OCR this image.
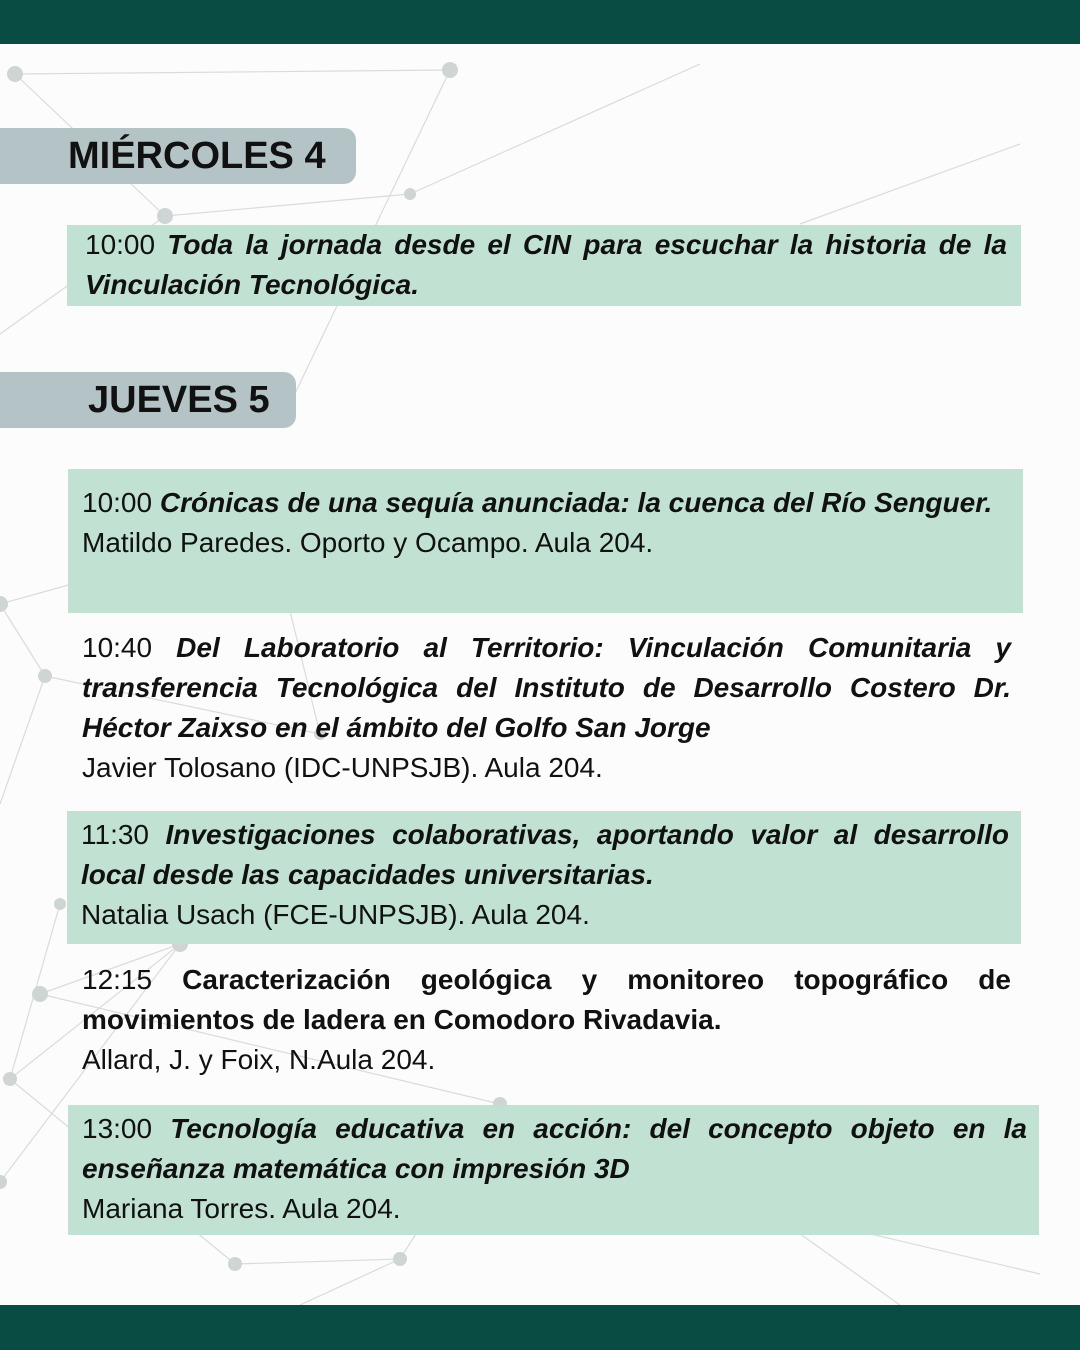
MIÉRCOLES 4
10:00 Toda la jornada desde el CIN para escuchar la historia de la Vinculación Tecnológica.
JUEVES 5
10:00 Crónicas de una sequía anunciada: la cuenca del Río Senguer.
Matildo Paredes. Oporto y Ocampo. Aula 204.
10:40 Del Laboratorio al Territorio: Vinculación Comunitaria y transferencia Tecnológica del Instituto de Desarrollo Costero Dr. Héctor Zaixso en el ámbito del Golfo San Jorge
Javier Tolosano (IDC-UNPSJB). Aula 204.
11:30 Investigaciones colaborativas, aportando valor al desarrollo local desde las capacidades universitarias.
Natalia Usach (FCE-UNPSJB). Aula 204.
12:15 Caracterización geológica y monitoreo topográfico de movimientos de ladera en Comodoro Rivadavia.
Allard, J. y Foix, N.Aula 204.
13:00 Tecnología educativa en acción: del concepto objeto en la enseñanza matemática con impresión 3D
Mariana Torres. Aula 204.
